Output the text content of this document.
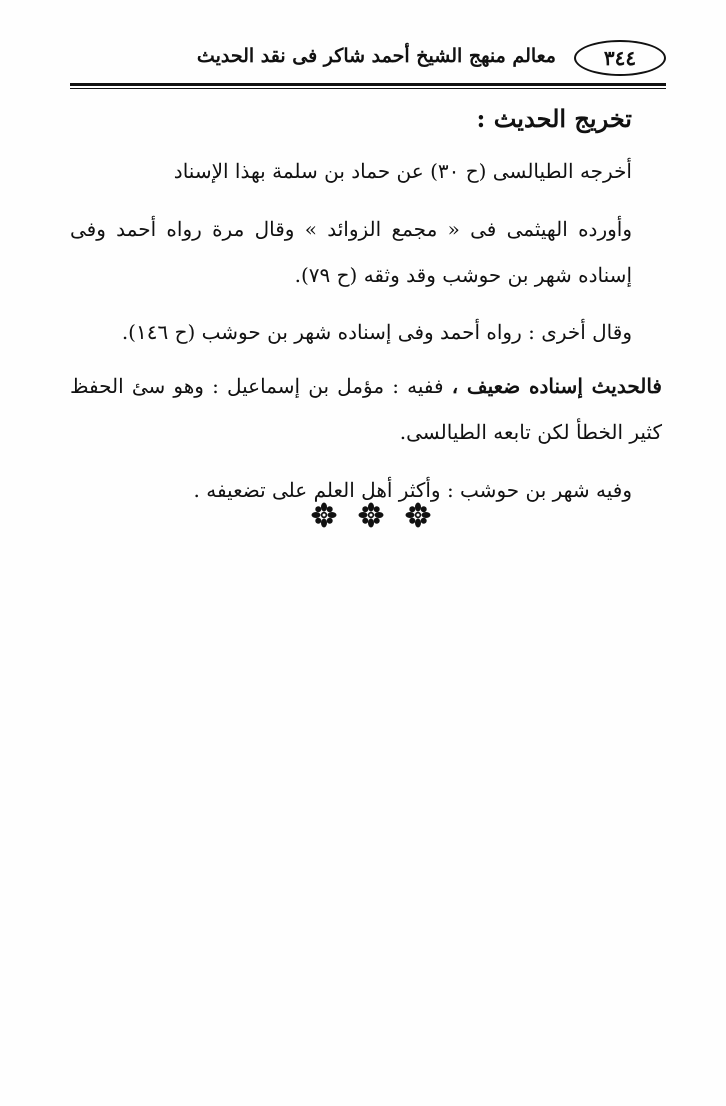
٣٤٤
معالم منهج الشيخ أحمد شاكر فى نقد الحديث
تخريج الحديث :

أخرجه الطيالسى (ح ٣٠) عن حماد بن سلمة بهذا الإسناد

وأورده الهيثمى فى « مجمع الزوائد » وقال مرة رواه أحمد وفى إسناده شهر بن حوشب وقد وثقه (ح ٧٩).

وقال أخرى : رواه أحمد وفى إسناده شهر بن حوشب (ح ١٤٦).

فالحديث إسناده ضعيف ، ففيه : مؤمل بن إسماعيل : وهو سئ الحفظ كثير الخطأ لكن تابعه الطيالسى.

وفيه شهر بن حوشب : وأكثر أهل العلم على تضعيفه .
